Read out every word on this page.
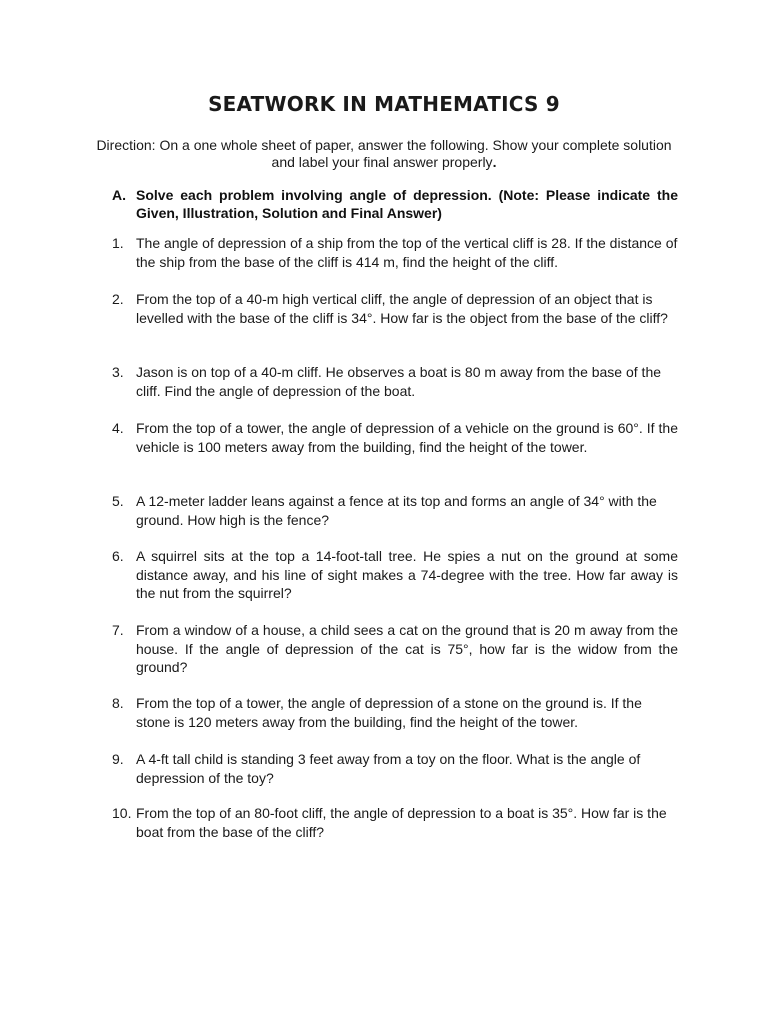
SEATWORK IN MATHEMATICS 9
Direction: On a one whole sheet of paper, answer the following. Show your complete solution and label your final answer properly.
A. Solve each problem involving angle of depression. (Note: Please indicate the Given, Illustration, Solution and Final Answer)
1. The angle of depression of a ship from the top of the vertical cliff is 28. If the distance of the ship from the base of the cliff is 414 m, find the height of the cliff.
2. From the top of a 40-m high vertical cliff, the angle of depression of an object that is levelled with the base of the cliff is 34°. How far is the object from the base of the cliff?
3. Jason is on top of a 40-m cliff. He observes a boat is 80 m away from the base of the cliff. Find the angle of depression of the boat.
4. From the top of a tower, the angle of depression of a vehicle on the ground is 60°. If the vehicle is 100 meters away from the building, find the height of the tower.
5. A 12-meter ladder leans against a fence at its top and forms an angle of 34° with the ground. How high is the fence?
6. A squirrel sits at the top a 14-foot-tall tree. He spies a nut on the ground at some distance away, and his line of sight makes a 74-degree with the tree. How far away is the nut from the squirrel?
7. From a window of a house, a child sees a cat on the ground that is 20 m away from the house. If the angle of depression of the cat is 75°, how far is the widow from the ground?
8. From the top of a tower, the angle of depression of a stone on the ground is. If the stone is 120 meters away from the building, find the height of the tower.
9. A 4-ft tall child is standing 3 feet away from a toy on the floor. What is the angle of depression of the toy?
10. From the top of an 80-foot cliff, the angle of depression to a boat is 35°. How far is the boat from the base of the cliff?
